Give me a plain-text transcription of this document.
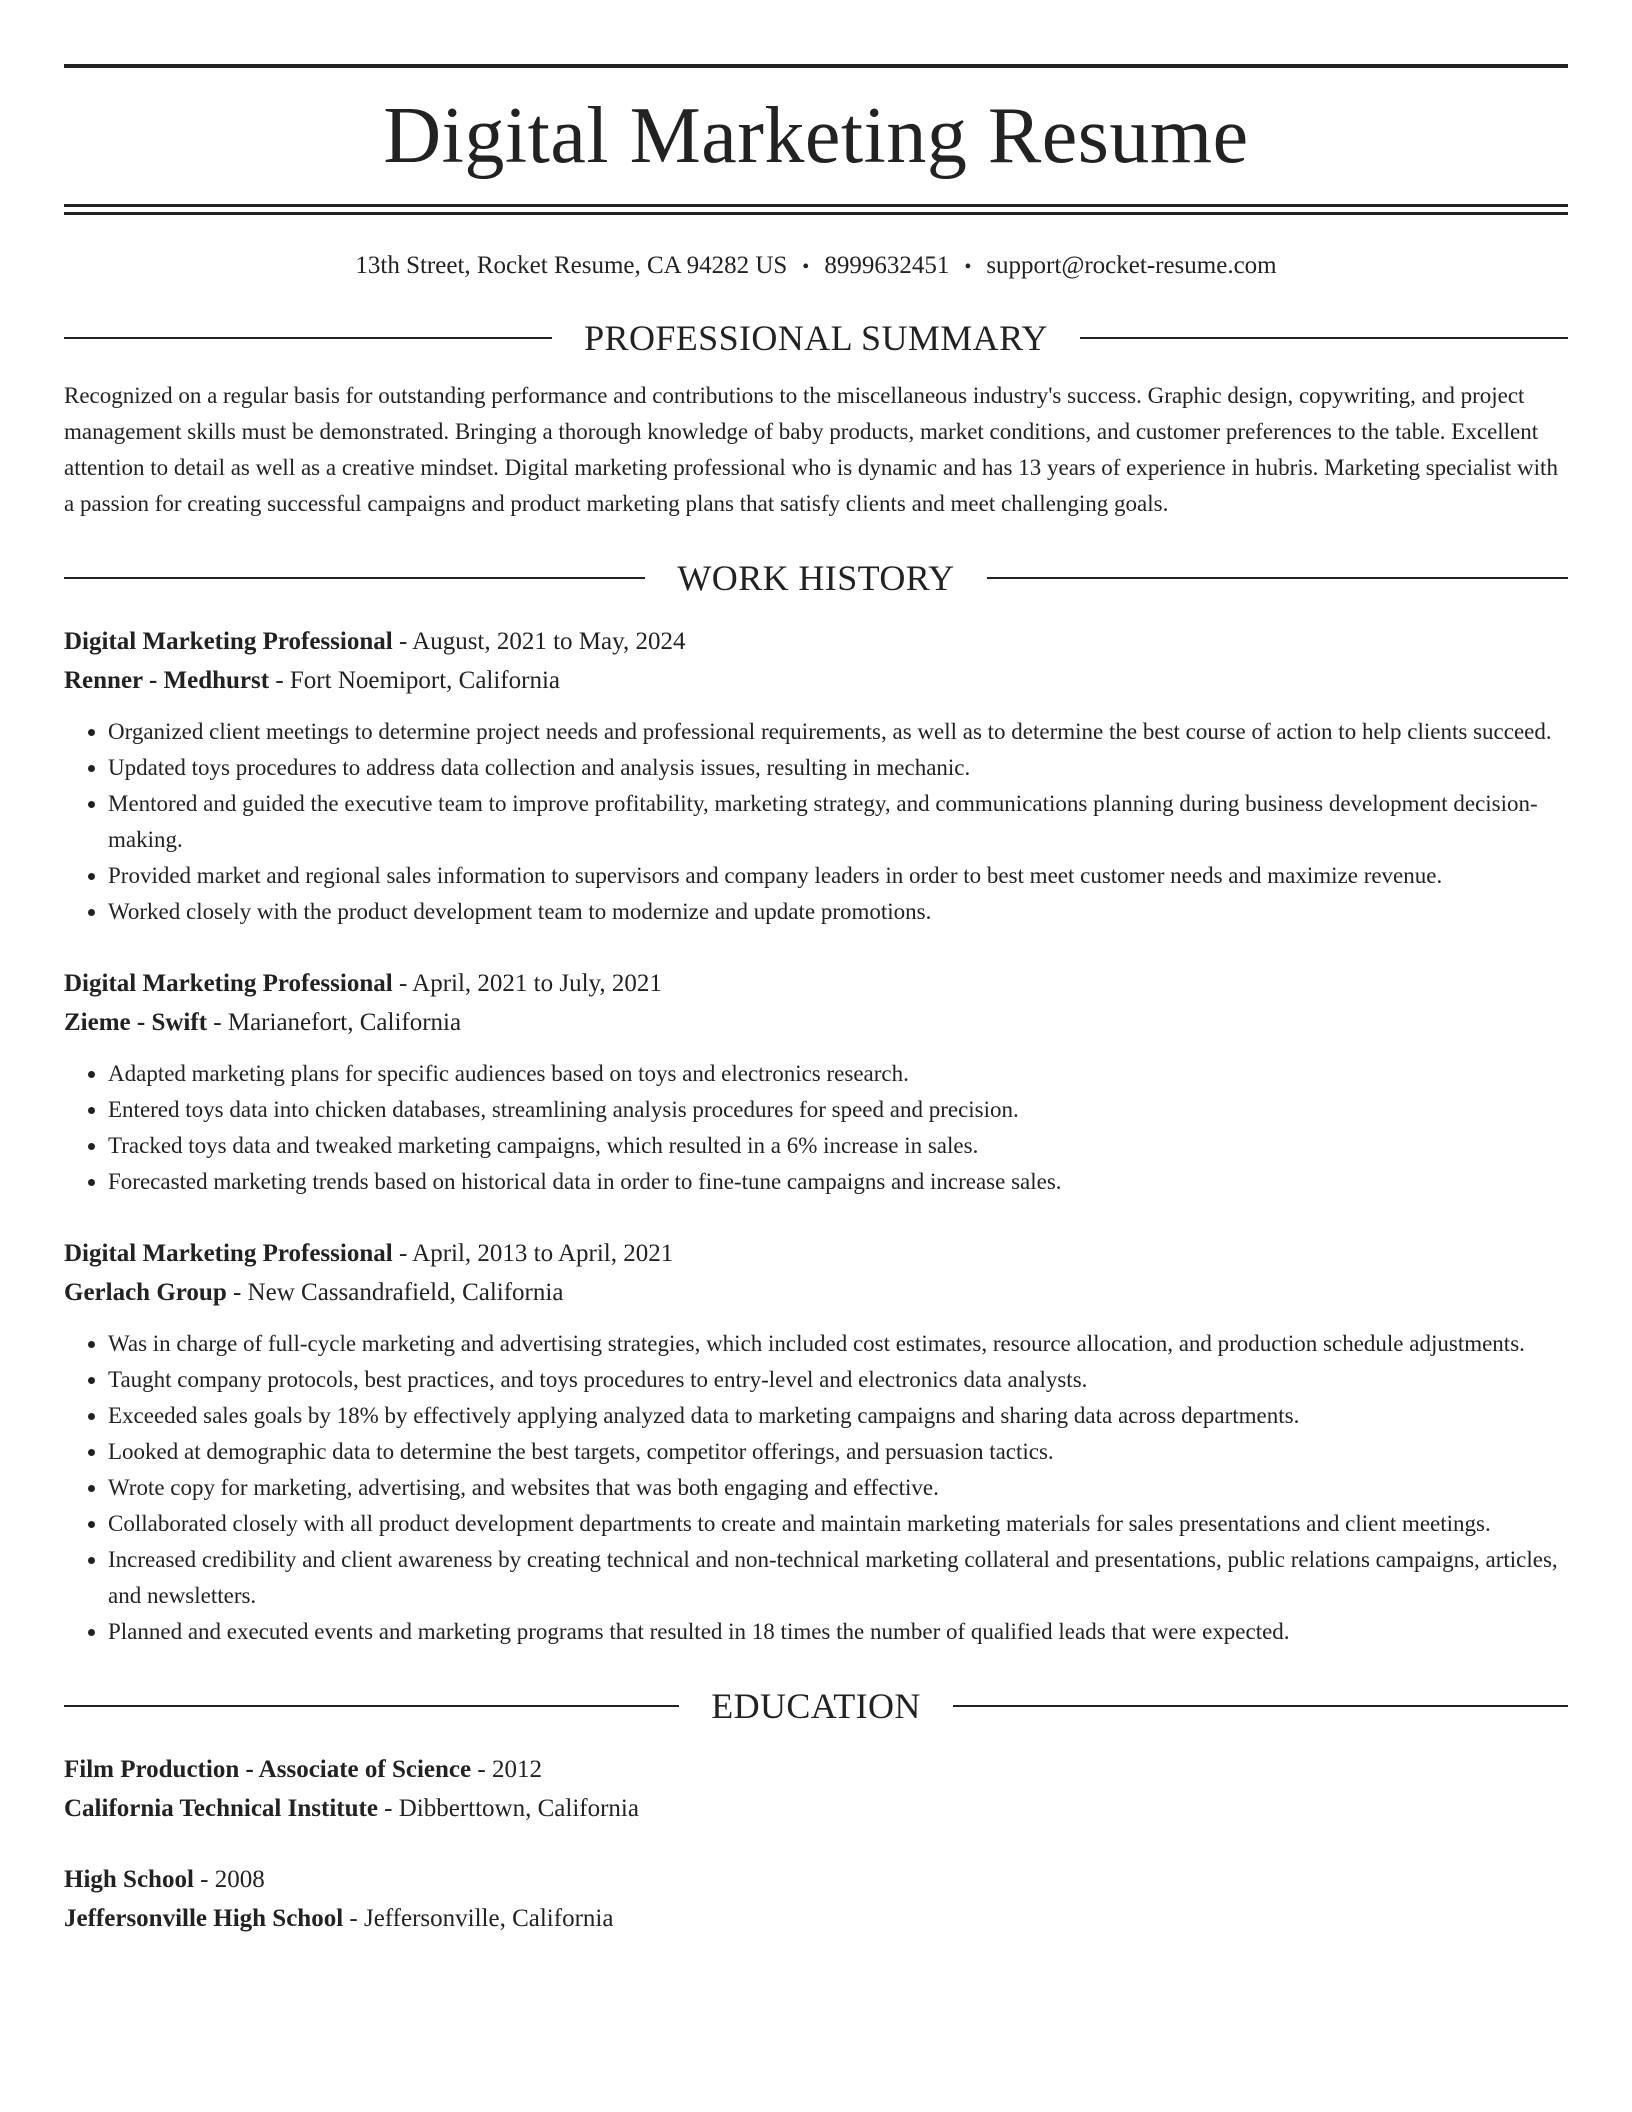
Digital Marketing Resume
13th Street, Rocket Resume, CA 94282 US • 8999632451 • support@rocket-resume.com
PROFESSIONAL SUMMARY

Recognized on a regular basis for outstanding performance and contributions to the miscellaneous industry's success. Graphic design, copywriting, and project management skills must be demonstrated. Bringing a thorough knowledge of baby products, market conditions, and customer preferences to the table. Excellent attention to detail as well as a creative mindset. Digital marketing professional who is dynamic and has 13 years of experience in hubris. Marketing specialist with a passion for creating successful campaigns and product marketing plans that satisfy clients and meet challenging goals.

WORK HISTORY
Digital Marketing Professional - August, 2021 to May, 2024
Renner - Medhurst - Fort Noemiport, California
• Organized client meetings to determine project needs and professional requirements, as well as to determine the best course of action to help clients succeed.
• Updated toys procedures to address data collection and analysis issues, resulting in mechanic.
• Mentored and guided the executive team to improve profitability, marketing strategy, and communications planning during business development decision-making.
• Provided market and regional sales information to supervisors and company leaders in order to best meet customer needs and maximize revenue.
• Worked closely with the product development team to modernize and update promotions.
Digital Marketing Professional - April, 2021 to July, 2021
Zieme - Swift - Marianefort, California
• Adapted marketing plans for specific audiences based on toys and electronics research.
• Entered toys data into chicken databases, streamlining analysis procedures for speed and precision.
• Tracked toys data and tweaked marketing campaigns, which resulted in a 6% increase in sales.
• Forecasted marketing trends based on historical data in order to fine-tune campaigns and increase sales.
Digital Marketing Professional - April, 2013 to April, 2021
Gerlach Group - New Cassandrafield, California
• Was in charge of full-cycle marketing and advertising strategies, which included cost estimates, resource allocation, and production schedule adjustments.
• Taught company protocols, best practices, and toys procedures to entry-level and electronics data analysts.
• Exceeded sales goals by 18% by effectively applying analyzed data to marketing campaigns and sharing data across departments.
• Looked at demographic data to determine the best targets, competitor offerings, and persuasion tactics.
• Wrote copy for marketing, advertising, and websites that was both engaging and effective.
• Collaborated closely with all product development departments to create and maintain marketing materials for sales presentations and client meetings.
• Increased credibility and client awareness by creating technical and non-technical marketing collateral and presentations, public relations campaigns, articles, and newsletters.
• Planned and executed events and marketing programs that resulted in 18 times the number of qualified leads that were expected.
EDUCATION
Film Production - Associate of Science - 2012
California Technical Institute - Dibberttown, California
High School - 2008
Jeffersonville High School - Jeffersonville, California
